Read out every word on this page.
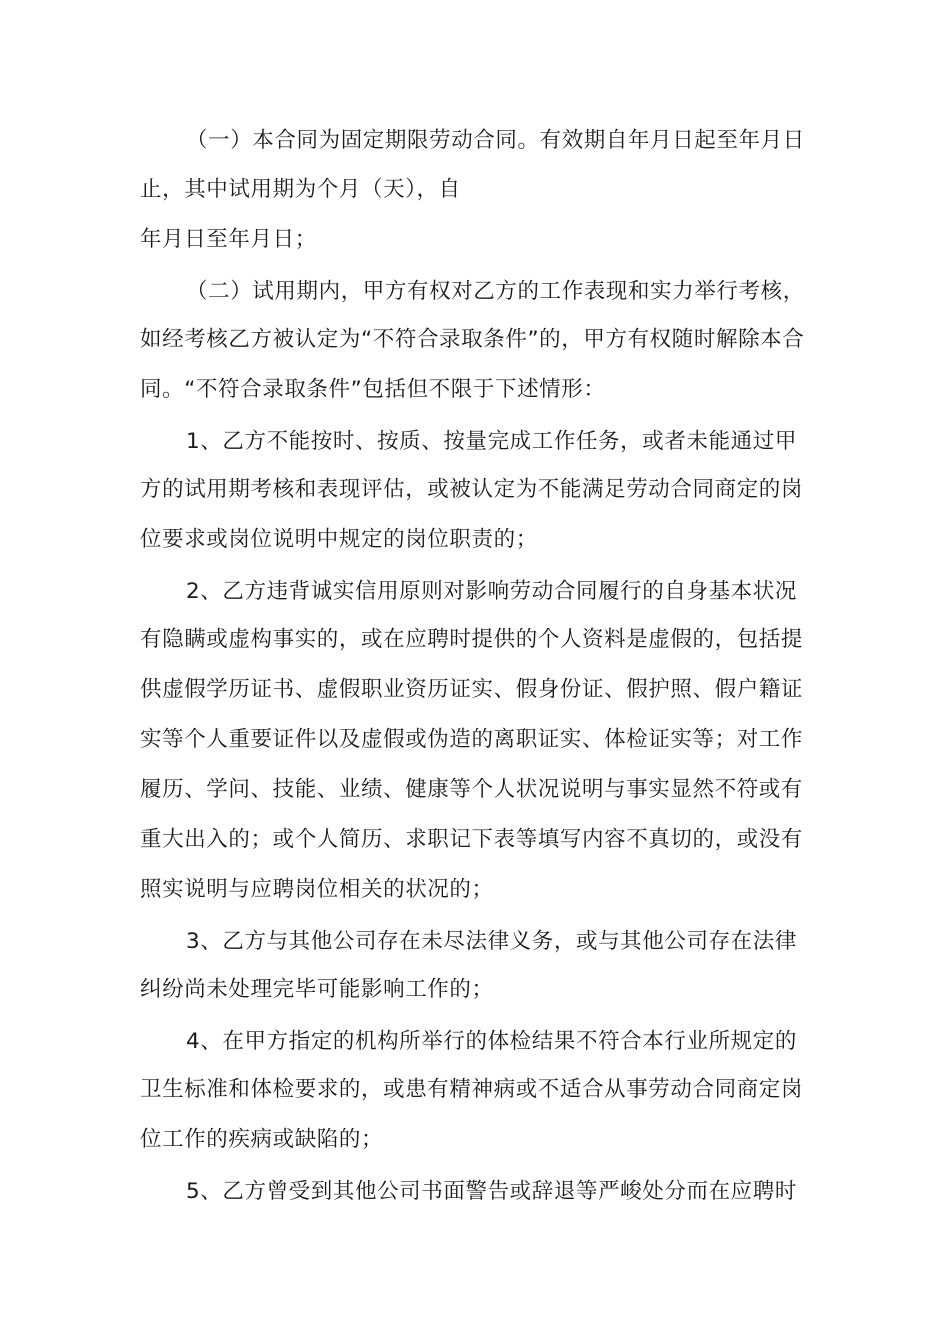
（一）本合同为固定期限劳动合同。有效期自年月日起至年月日
止，其中试用期为个月（天），自
年月日至年月日；
（二）试用期内，甲方有权对乙方的工作表现和实力举行考核，
如经考核乙方被认定为“不符合录取条件”的，甲方有权随时解除本合
同。“不符合录取条件”包括但不限于下述情形：
1、乙方不能按时、按质、按量完成工作任务，或者未能通过甲
方的试用期考核和表现评估，或被认定为不能满足劳动合同商定的岗
位要求或岗位说明中规定的岗位职责的；
2、乙方违背诚实信用原则对影响劳动合同履行的自身基本状况
有隐瞒或虚构事实的，或在应聘时提供的个人资料是虚假的，包括提
供虚假学历证书、虚假职业资历证实、假身份证、假护照、假户籍证
实等个人重要证件以及虚假或伪造的离职证实、体检证实等；对工作
履历、学问、技能、业绩、健康等个人状况说明与事实显然不符或有
重大出入的；或个人简历、求职记下表等填写内容不真切的，或没有
照实说明与应聘岗位相关的状况的；
3、乙方与其他公司存在未尽法律义务，或与其他公司存在法律
纠纷尚未处理完毕可能影响工作的；
4、在甲方指定的机构所举行的体检结果不符合本行业所规定的
卫生标准和体检要求的，或患有精神病或不适合从事劳动合同商定岗
位工作的疾病或缺陷的；
5、乙方曾受到其他公司书面警告或辞退等严峻处分而在应聘时
